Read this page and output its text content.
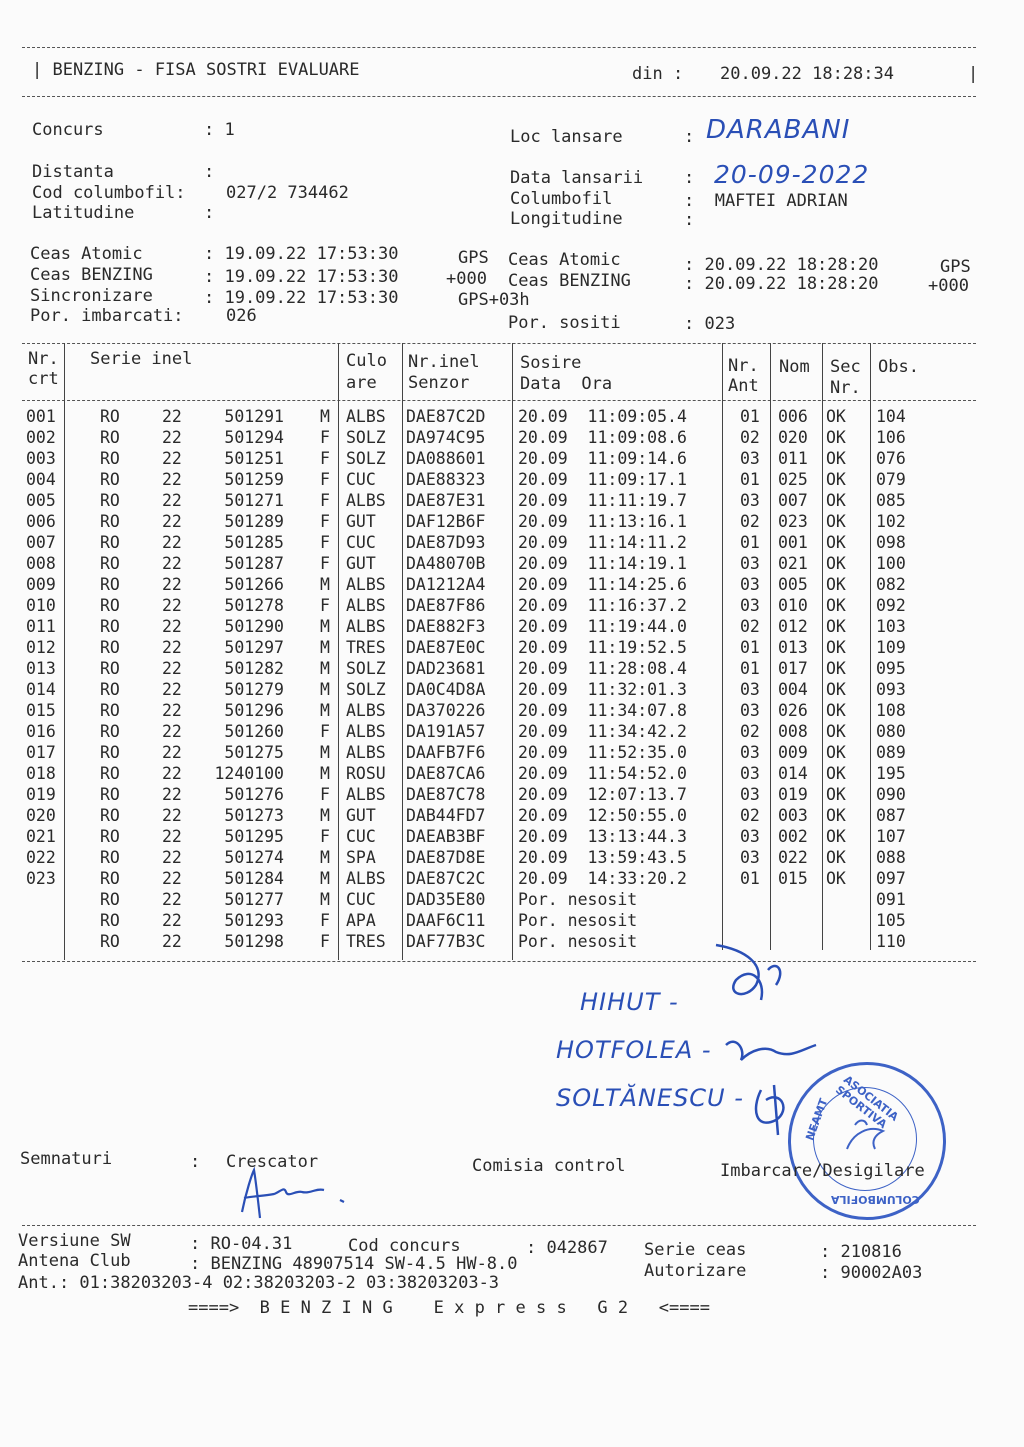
| BENZING - FISA SOSTRI EVALUARE	din : 20.09.22 18:28:34	|
Concurs	: 1
Distanta	:
Cod columbofil: 027/2 734462
Latitudine	:
Loc lansare	: DARABANI
Data lansarii : 20-09-2022
Columbofil	:  MAFTEI ADRIAN
Longitudine	:
Ceas Atomic	: 19.09.22 17:53:30	GPS
Ceas BENZING	: 19.09.22 17:53:30	+000
Sincronizare	: 19.09.22 17:53:30	GPS+03h
Por. imbarcati: 026
Ceas Atomic	: 20.09.22 18:28:20	GPS
Ceas BENZING	: 20.09.22 18:28:20	+000
Por. sositi	: 023
Nr.
crt
Serie inel	Culo
are
Nr.inel
Senzor
Sosire
Data  Ora
Nr.
Ant
Nom Sec
Nr.
Obs.
001	RO	22	501291 M ALBS DAE87C2D 20.09  11:09:05.4	01 006 OK 104
002	RO	22	501294 F SOLZ DA974C95 20.09  11:09:08.6	02 020 OK 106
003	RO	22	501251 F SOLZ DA088601 20.09  11:09:14.6	03 011 OK 076
004	RO	22	501259 F CUC DAE88323 20.09  11:09:17.1	01 025 OK 079
005	RO	22	501271 F ALBS DAE87E31 20.09  11:11:19.7	03 007 OK 085
006	RO	22	501289 F GUT DAF12B6F 20.09  11:13:16.1	02 023 OK 102
007	RO	22	501285 F CUC DAE87D93 20.09  11:14:11.2	01 001 OK 098
008	RO	22	501287 F GUT DA48070B 20.09  11:14:19.1	03 021 OK 100
009	RO	22	501266 M ALBS DA1212A4 20.09  11:14:25.6	03 005 OK 082
010	RO	22	501278 F ALBS DAE87F86 20.09  11:16:37.2	03 010 OK 092
011	RO	22	501290 M ALBS DAE882F3 20.09  11:19:44.0	02 012 OK 103
012	RO	22	501297 M TRES DAE87E0C 20.09  11:19:52.5	01 013 OK 109
013	RO	22	501282 M SOLZ DAD23681 20.09  11:28:08.4	01 017 OK 095
014	RO	22	501279 M SOLZ DA0C4D8A 20.09  11:32:01.3	03 004 OK 093
015	RO	22	501296 M ALBS DA370226 20.09  11:34:07.8	03 026 OK 108
016	RO	22	501260 F ALBS DA191A57 20.09  11:34:42.2	02 008 OK 080
017	RO	22	501275 M ALBS DAAFB7F6 20.09  11:52:35.0	03 009 OK 089
018	RO	22 1240100 M ROSU DAE87CA6 20.09  11:54:52.0	03 014 OK 195
019	RO	22	501276 F ALBS DAE87C78 20.09  12:07:13.7	03 019 OK 090
020	RO	22	501273 M GUT DAB44FD7 20.09  12:50:55.0	02 003 OK 087
021	RO	22	501295 F CUC DAEAB3BF 20.09  13:13:44.3	03 002 OK 107
022	RO	22	501274 M SPA DAE87D8E 20.09  13:59:43.5	03 022 OK 088
023	RO	22	501284 M ALBS DAE87C2C 20.09  14:33:20.2	01 015 OK 097
RO	22	501277 M CUC DAD35E80 Por. nesosit	091
RO	22	501293 F APA DAAF6C11 Por. nesosit	105
RO	22	501298 F TRES DAF77B3C Por. nesosit	110
HIHUT -
HOTFOLEA -
SOLTĂNESCU -	ASOCIATIA SPORTIVA
NEAMT
COLUMBOFILA
Semnaturi	: Crescator	Comisia control	Imbarcare/Desigilare
Versiune SW	: RO-04.31	Cod concurs	: 042867 Serie ceas	: 210816
Antena Club	: BENZING 48907514 SW-4.5 HW-8.0	Autorizare	: 90002A03
Ant.: 01:38203203-4 02:38203203-2 03:38203203-3
====>  B E N Z I N G    E x p r e s s   G 2   <====
